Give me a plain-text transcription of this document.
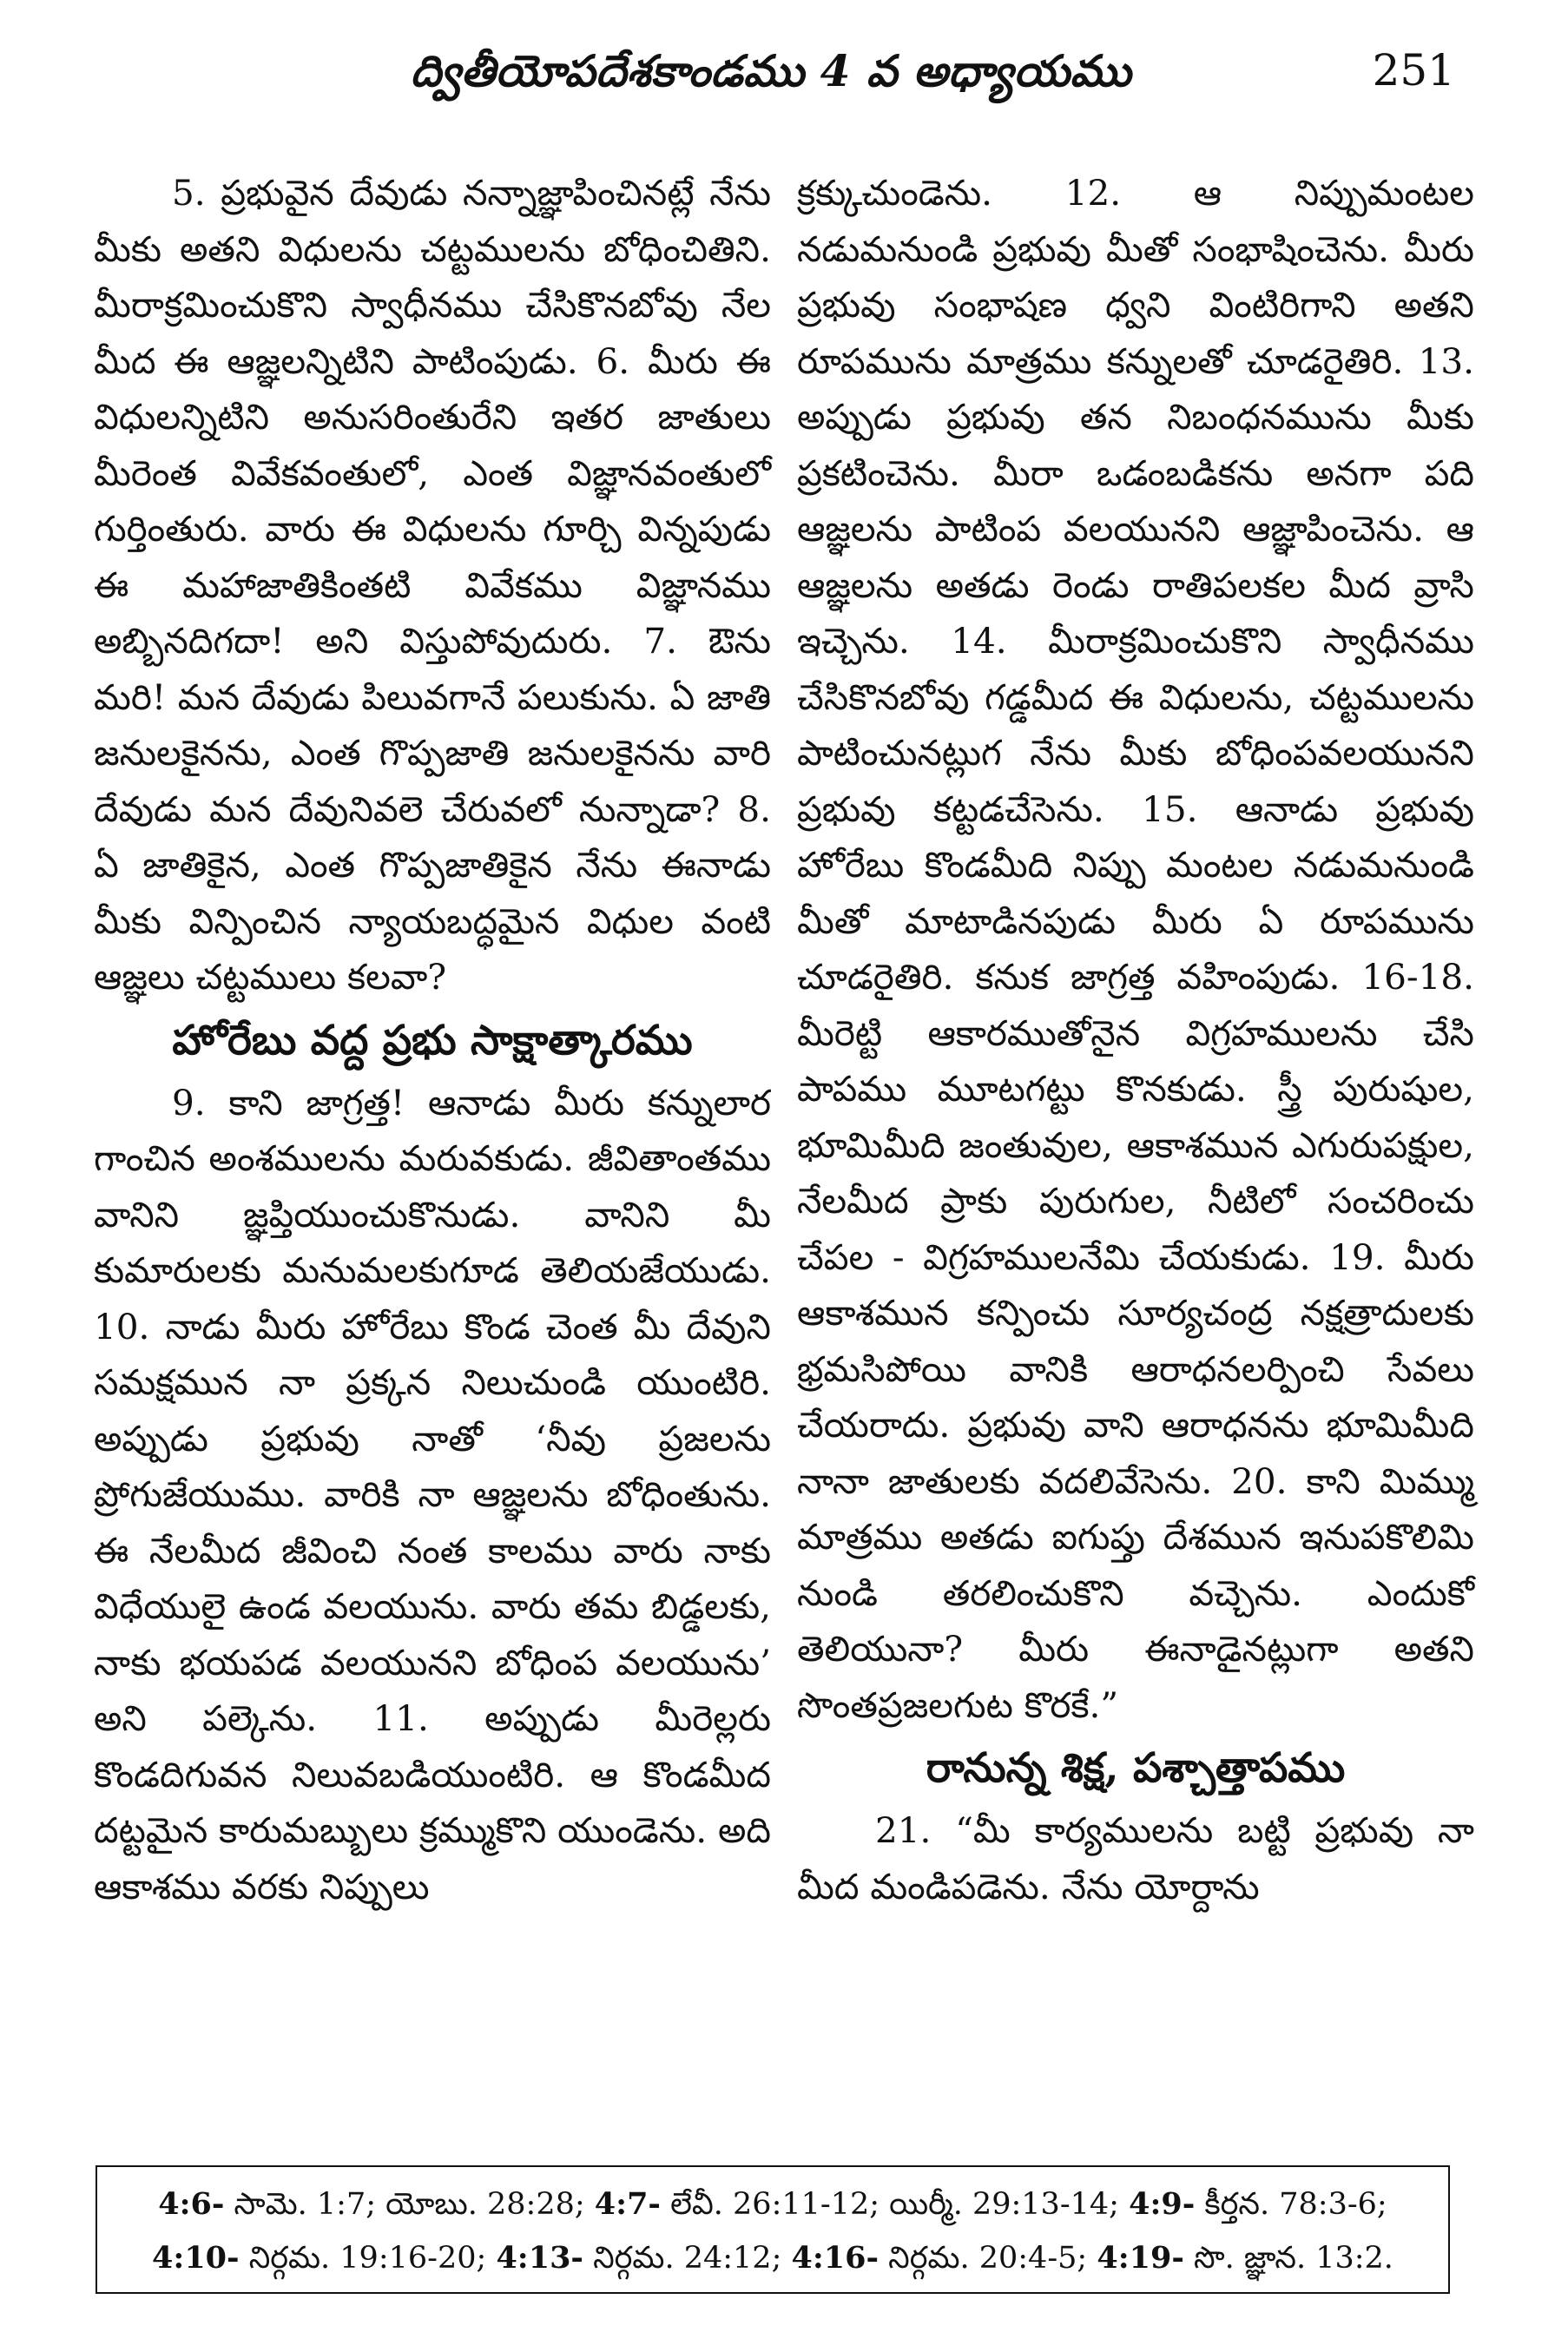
ద్వితీయోపదేశకాండము 4 వ అధ్యాయము	251

5. ప్రభువైన దేవుడు నన్నాజ్ఞాపించినట్లే నేను మీకు అతని విధులను చట్టములను బోధించితిని. మీరాక్రమించుకొని స్వాధీనము చేసికొనబోవు నేల మీద ఈ ఆజ్ఞలన్నిటిని పాటింపుడు. 6. మీరు ఈ విధులన్నిటిని అనుసరింతురేని ఇతర జాతులు మీరెంత వివేకవంతులో, ఎంత విజ్ఞానవంతులో గుర్తింతురు. వారు ఈ విధులను గూర్చి విన్నపుడు ఈ మహాజాతికింతటి వివేకము విజ్ఞానము అబ్బినదిగదా! అని విస్తుపోవుదురు. 7. ఔను మరి! మన దేవుడు పిలువగానే పలుకును. ఏ జాతి జనులకైనను, ఎంత గొప్పజాతి జనులకైనను వారి దేవుడు మన దేవునివలె చేరువలో నున్నాడా? 8. ఏ జాతికైన, ఎంత గొప్పజాతికైన నేను ఈనాడు మీకు విన్పించిన న్యాయబద్ధమైన విధుల వంటి ఆజ్ఞలు చట్టములు కలవా?

హోరేబు వద్ద ప్రభు సాక్షాత్కారము

9. కాని జాగ్రత్త! ఆనాడు మీరు కన్నులార గాంచిన అంశములను మరువకుడు. జీవితాంతము వానిని జ్ఞప్తియుంచుకొనుడు. వానిని మీ కుమారులకు మనుమలకుగూడ తెలియజేయుడు. 10. నాడు మీరు హోరేబు కొండ చెంత మీ దేవుని సమక్షమున నా ప్రక్కన నిలుచుండి యుంటిరి. అప్పుడు ప్రభువు నాతో ‘నీవు ప్రజలను ప్రోగుజేయుము. వారికి నా ఆజ్ఞలను బోధింతును. ఈ నేలమీద జీవించి నంత కాలము వారు నాకు విధేయులై ఉండ వలయును. వారు తమ బిడ్డలకు, నాకు భయపడ వలయునని బోధింప వలయును’ అని పల్కెను. 11. అప్పుడు మీరెల్లరు కొండదిగువన నిలువబడియుంటిరి. ఆ కొండమీద దట్టమైన కారుమబ్బులు క్రమ్ముకొని యుండెను. అది ఆకాశము వరకు నిప్పులు

క్రక్కుచుండెను. 12. ఆ నిప్పుమంటల నడుమనుండి ప్రభువు మీతో సంభాషించెను. మీరు ప్రభువు సంభాషణ ధ్వని వింటిరిగాని అతని రూపమును మాత్రము కన్నులతో చూడరైతిరి. 13. అప్పుడు ప్రభువు తన నిబంధనమును మీకు ప్రకటించెను. మీరా ఒడంబడికను అనగా పది ఆజ్ఞలను పాటింప వలయునని ఆజ్ఞాపించెను. ఆ ఆజ్ఞలను అతడు రెండు రాతిపలకల మీద వ్రాసి ఇచ్చెను. 14. మీరాక్రమించుకొని స్వాధీనము చేసికొనబోవు గడ్డమీద ఈ విధులను, చట్టములను పాటించునట్లుగ నేను మీకు బోధింపవలయునని ప్రభువు కట్టడచేసెను. 15. ఆనాడు ప్రభువు హోరేబు కొండమీది నిప్పు మంటల నడుమనుండి మీతో మాటాడినపుడు మీరు ఏ రూపమును చూడరైతిరి. కనుక జాగ్రత్త వహింపుడు. 16-18. మీరెట్టి ఆకారముతోనైన విగ్రహములను చేసి పాపము మూటగట్టు కొనకుడు. స్త్రీ పురుషుల, భూమిమీది జంతువుల, ఆకాశమున ఎగురుపక్షుల, నేలమీద ప్రాకు పురుగుల, నీటిలో సంచరించు చేపల - విగ్రహములనేమి చేయకుడు. 19. మీరు ఆకాశమున కన్పించు సూర్యచంద్ర నక్షత్రాదులకు భ్రమసిపోయి వానికి ఆరాధనలర్పించి సేవలు చేయరాదు. ప్రభువు వాని ఆరాధనను భూమిమీది నానా జాతులకు వదలివేసెను. 20. కాని మిమ్ము మాత్రము అతడు ఐగుప్తు దేశమున ఇనుపకొలిమి నుండి తరలించుకొని వచ్చెను. ఎందుకో తెలియునా? మీరు ఈనాడైనట్లుగా అతని సొంతప్రజలగుట కొరకే.”

రానున్న శిక్ష, పశ్చాత్తాపము

21. “మీ కార్యములను బట్టి ప్రభువు నా మీద మండిపడెను. నేను యోర్దాను

4:6- సామె. 1:7; యోబు. 28:28; 4:7- లేవీ. 26:11-12; యిర్మీ. 29:13-14; 4:9- కీర్తన. 78:3-6;
4:10- నిర్గమ. 19:16-20; 4:13- నిర్గమ. 24:12; 4:16- నిర్గమ. 20:4-5; 4:19- సొ. జ్ఞాన. 13:2.
